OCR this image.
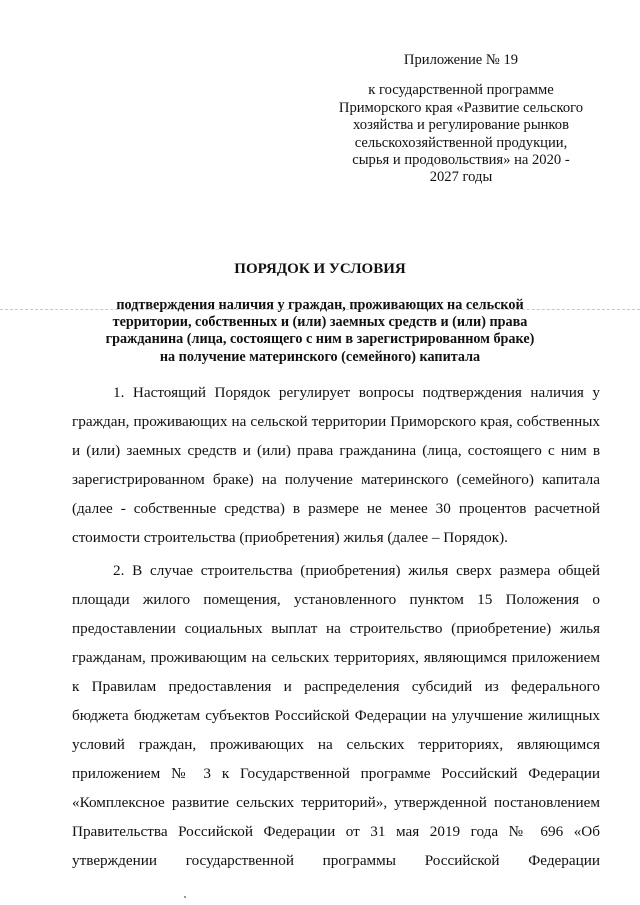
Приложение № 19
к государственной программе
Приморского края «Развитие сельского
хозяйства и регулирование рынков
сельскохозяйственной продукции,
сырья и продовольствия» на 2020 -
2027 годы
ПОРЯДОК И УСЛОВИЯ
подтверждения наличия у граждан, проживающих на сельской
территории, собственных и (или) заемных средств и (или) права
гражданина (лица, состоящего с ним в зарегистрированном браке)
на получение материнского (семейного) капитала
1. Настоящий Порядок регулирует вопросы подтверждения наличия у
граждан, проживающих на сельской территории Приморского края, собственных
и (или) заемных средств и (или) права гражданина (лица, состоящего с ним в
зарегистрированном браке) на получение материнского (семейного) капитала
(далее - собственные средства) в размере не менее 30 процентов расчетной
стоимости строительства (приобретения) жилья (далее – Порядок).
2. В случае строительства (приобретения) жилья сверх размера общей
площади жилого помещения, установленного пунктом 15 Положения о
предоставлении социальных выплат на строительство (приобретение) жилья
гражданам, проживающим на сельских территориях, являющимся приложением
к Правилам предоставления и распределения субсидий из федерального
бюджета бюджетам субъектов Российской Федерации на улучшение жилищных
условий граждан, проживающих на сельских территориях, являющимся
приложением № 3 к Государственной программе Российский Федерации
«Комплексное развитие сельских территорий», утвержденной постановлением
Правительства Российской Федерации от 31 мая 2019 года № 696 «Об
утверждении государственной программы Российской Федерации
